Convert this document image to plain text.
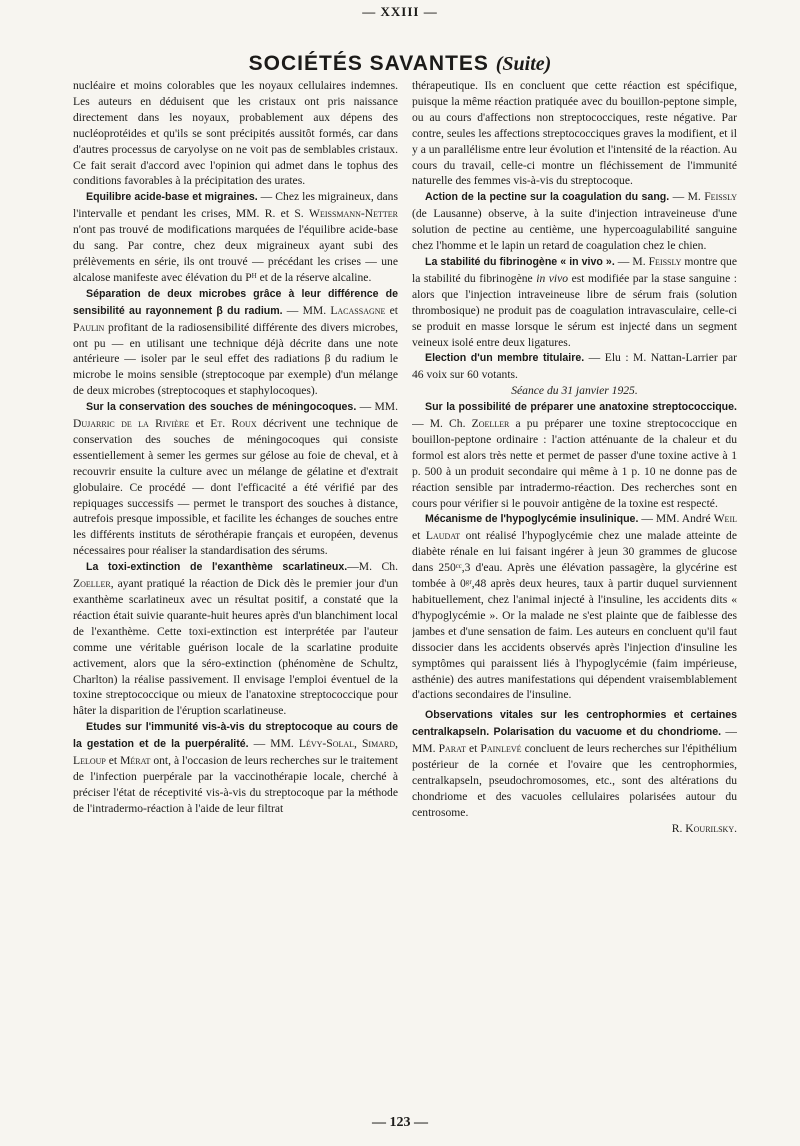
— XXIII —
SOCIÉTÉS SAVANTES (Suite)

nucléaire et moins colorables que les noyaux cellulaires indemnes. Les auteurs en déduisent que les cristaux ont pris naissance directement dans les noyaux, probablement aux dépens des nucléoprotéides et qu'ils se sont précipités aussitôt formés, car dans d'autres processus de caryolyse on ne voit pas de semblables cristaux. Ce fait serait d'accord avec l'opinion qui admet dans le tophus des conditions favorables à la précipitation des urates.

Equilibre acide-base et migraines. — Chez les migraineux, dans l'intervalle et pendant les crises, MM. R. et S. Weissmann-Netter n'ont pas trouvé de modifications marquées de l'équilibre acide-base du sang. Par contre, chez deux migraineux ayant subi des prélèvements en série, ils ont trouvé — précédant les crises — une alcalose manifeste avec élévation du Pᴴ et de la réserve alcaline.

Séparation de deux microbes grâce à leur différence de sensibilité au rayonnement β du radium. — MM. Lacassagne et Paulin profitant de la radiosensibilité différente des divers microbes, ont pu — en utilisant une technique déjà décrite dans une note antérieure — isoler par le seul effet des radiations β du radium le microbe le moins sensible (streptocoque par exemple) d'un mélange de deux microbes (streptocoques et staphylocoques).

Sur la conservation des souches de méningocoques. — MM. Dujarric de la Rivière et Et. Roux décrivent une technique de conservation des souches de méningocoques qui consiste essentiellement à semer les germes sur gélose au foie de cheval, et à recouvrir ensuite la culture avec un mélange de gélatine et d'extrait globulaire. Ce procédé — dont l'efficacité a été vérifié par des repiquages successifs — permet le transport des souches à distance, autrefois presque impossible, et facilite les échanges de souches entre les différents instituts de sérothérapie français et européen, devenus nécessaires pour réaliser la standardisation des sérums.

La toxi-extinction de l'exanthème scarlatineux.—M. Ch. Zoeller, ayant pratiqué la réaction de Dick dès le premier jour d'un exanthème scarlatineux avec un résultat positif, a constaté que la réaction était suivie quarante-huit heures après d'un blanchiment local de l'exanthème. Cette toxi-extinction est interprétée par l'auteur comme une véritable guérison locale de la scarlatine produite activement, alors que la séro-extinction (phénomène de Schultz, Charlton) la réalise passivement. Il envisage l'emploi éventuel de la toxine streptococcique ou mieux de l'anatoxine streptococcique pour hâter la disparition de l'éruption scarlatineuse.

Etudes sur l'immunité vis-à-vis du streptocoque au cours de la gestation et de la puerpéralité. — MM. Lévy-Solal, Simard, Leloup et Mérat ont, à l'occasion de leurs recherches sur le traitement de l'infection puerpérale par la vaccinothérapie locale, cherché à préciser l'état de réceptivité vis-à-vis du streptocoque par la méthode de l'intradermo-réaction à l'aide de leur filtrat

thérapeutique. Ils en concluent que cette réaction est spécifique, puisque la même réaction pratiquée avec du bouillon-peptone simple, ou au cours d'affections non streptococciques, reste négative. Par contre, seules les affections streptococciques graves la modifient, et il y a un parallélisme entre leur évolution et l'intensité de la réaction. Au cours du travail, celle-ci montre un fléchissement de l'immunité naturelle des femmes vis-à-vis du streptocoque.

Action de la pectine sur la coagulation du sang. — M. Feissly (de Lausanne) observe, à la suite d'injection intraveineuse d'une solution de pectine au centième, une hypercoagulabilité sanguine chez l'homme et le lapin un retard de coagulation chez le chien.

La stabilité du fibrinogène « in vivo ». — M. Feissly montre que la stabilité du fibrinogène in vivo est modifiée par la stase sanguine : alors que l'injection intraveineuse libre de sérum frais (solution thrombosique) ne produit pas de coagulation intravasculaire, celle-ci se produit en masse lorsque le sérum est injecté dans un segment veineux isolé entre deux ligatures.

Election d'un membre titulaire. — Elu : M. Nattan-Larrier par 46 voix sur 60 votants.

Séance du 31 janvier 1925.

Sur la possibilité de préparer une anatoxine streptococcique. — M. Ch. Zoeller a pu préparer une toxine streptococcique en bouillon-peptone ordinaire : l'action atténuante de la chaleur et du formol est alors très nette et permet de passer d'une toxine active à 1 p. 500 à un produit secondaire qui même à 1 p. 10 ne donne pas de réaction sensible par intradermo-réaction. Des recherches sont en cours pour vérifier si le pouvoir antigène de la toxine est respecté.

Mécanisme de l'hypoglycémie insulinique. — MM. André Weil et Laudat ont réalisé l'hypoglycémie chez une malade atteinte de diabète rénale en lui faisant ingérer à jeun 30 grammes de glucose dans 250ᶜᶜ,3 d'eau. Après une élévation passagère, la glycérine est tombée à 0ᵍʳ,48 après deux heures, taux à partir duquel surviennent habituellement, chez l'animal injecté à l'insuline, les accidents dits « d'hypoglycémie ». Or la malade ne s'est plainte que de faiblesse des jambes et d'une sensation de faim. Les auteurs en concluent qu'il faut dissocier dans les accidents observés après l'injection d'insuline les symptômes qui paraissent liés à l'hypoglycémie (faim impérieuse, asthénie) des autres manifestations qui dépendent vraisemblablement d'actions secondaires de l'insuline.

Observations vitales sur les centrophormies et certaines centralkapseln. Polarisation du vacuome et du chondriome. — MM. Parat et Painlevé concluent de leurs recherches sur l'épithélium postérieur de la cornée et l'ovaire que les centrophormies, centralkapseln, pseudochromosomes, etc., sont des altérations du chondriome et des vacuoles cellulaires polarisées autour du centrosome.

R. Kourilsky.

— 123 —
